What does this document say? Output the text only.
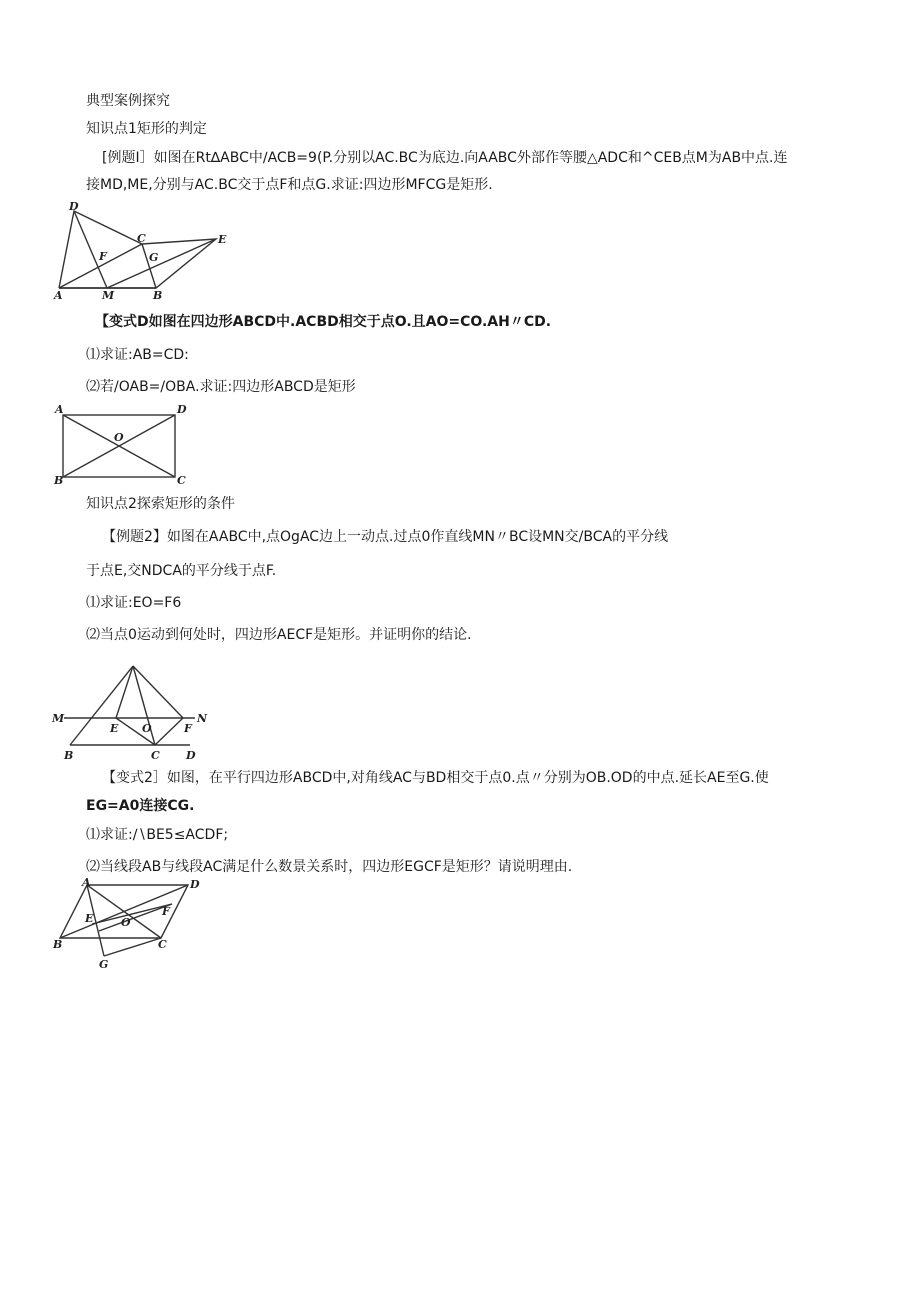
典型案例探究
知识点1矩形的判定
[例题I］如图在Rt∆ABC中∕ACB=9(P.分别以AC.BC为底边.向AABC外部作等腰△ADC和^CEB点M为AB中点.连
接MD,ME,分别与AC.BC交于点F和点G.求证:四边形MFCG是矩形.
D
C	E
F	G
A	M	B
【变式D如图在四边形ABCD中.ACBD相交于点O.且AO=CO.AH〃CD.
⑴求证:AB=CD:
⑵若/OAB=/OBA.求证:四边形ABCD是矩形
A	D
O
B	C
知识点2探索矩形的条件
【例题2】如图在AABC中,点OgAC边上一动点.过点0作直线MN〃BC设MN交/BCA的平分线
于点E,交NDCA的平分线于点F.
⑴求证:EO=F6
⑵当点0运动到何处时，四边形AECF是矩形。并证明你的结论.
M
E O	F
N
B	C D
【变式2］如图，在平行四边形ABCD中,对角线AC与BD相交于点0.点〃分别为OB.OD的中点.延长AE至G.使
EG=A0连接CG.
⑴求证:∕∖BE5≤ACDF;
⑵当线段AB与线段AC满足什么数景关系时，四边形EGCF是矩形？请说明理由.
A	D
E
F
O
B	C
G
